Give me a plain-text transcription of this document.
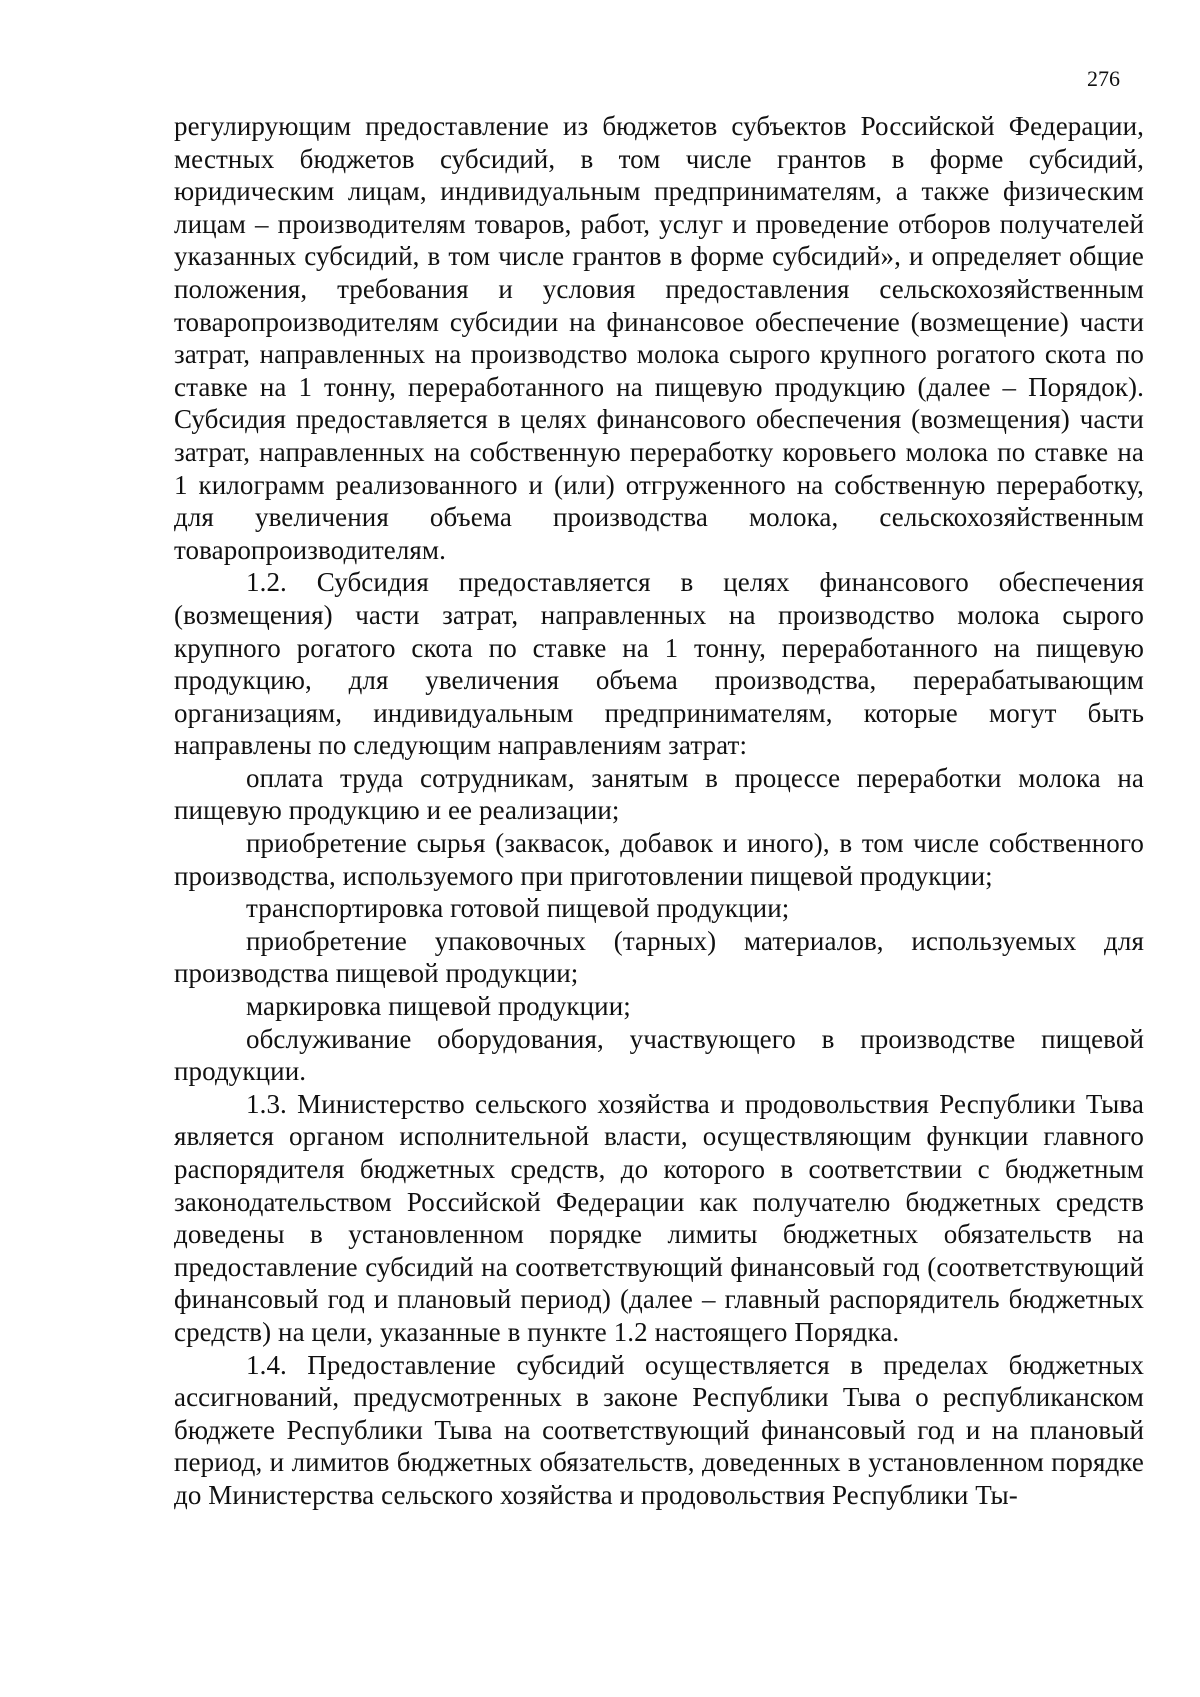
276

регулирующим предоставление из бюджетов субъектов Российской Федерации, местных бюджетов субсидий, в том числе грантов в форме субсидий, юридическим лицам, индивидуальным предпринимателям, а также физическим лицам – производителям товаров, работ, услуг и проведение отборов получателей указанных субсидий, в том числе грантов в форме субсидий», и определяет общие положения, требования и условия предоставления сельскохозяйственным товаропроизводителям субсидии на финансовое обеспечение (возмещение) части затрат, направленных на производство молока сырого крупного рогатого скота по ставке на 1 тонну, переработанного на пищевую продукцию (далее – Порядок). Субсидия предоставляется в целях финансового обеспечения (возмещения) части затрат, направленных на собственную переработку коровьего молока по ставке на 1 килограмм реализованного и (или) отгруженного на собственную переработку, для увеличения объема производства молока, сельскохозяйственным товаропроизводителям.

1.2. Субсидия предоставляется в целях финансового обеспечения (возмещения) части затрат, направленных на производство молока сырого крупного рогатого скота по ставке на 1 тонну, переработанного на пищевую продукцию, для увеличения объема производства, перерабатывающим организациям, индивидуальным предпринимателям, которые могут быть направлены по следующим направлениям затрат:

оплата труда сотрудникам, занятым в процессе переработки молока на пищевую продукцию и ее реализации;

приобретение сырья (заквасок, добавок и иного), в том числе собственного производства, используемого при приготовлении пищевой продукции;

транспортировка готовой пищевой продукции;

приобретение упаковочных (тарных) материалов, используемых для производства пищевой продукции;

маркировка пищевой продукции;

обслуживание оборудования, участвующего в производстве пищевой продукции.

1.3. Министерство сельского хозяйства и продовольствия Республики Тыва является органом исполнительной власти, осуществляющим функции главного распорядителя бюджетных средств, до которого в соответствии с бюджетным законодательством Российской Федерации как получателю бюджетных средств доведены в установленном порядке лимиты бюджетных обязательств на предоставление субсидий на соответствующий финансовый год (соответствующий финансовый год и плановый период) (далее – главный распорядитель бюджетных средств) на цели, указанные в пункте 1.2 настоящего Порядка.

1.4. Предоставление субсидий осуществляется в пределах бюджетных ассигнований, предусмотренных в законе Республики Тыва о республиканском бюджете Республики Тыва на соответствующий финансовый год и на плановый период, и лимитов бюджетных обязательств, доведенных в установленном порядке до Министерства сельского хозяйства и продовольствия Республики Ты-
